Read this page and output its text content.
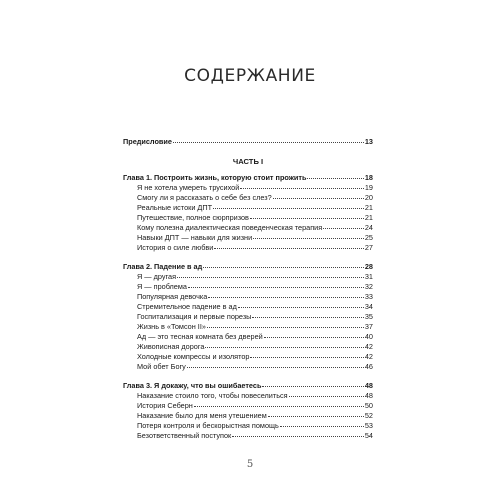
СОДЕРЖАНИЕ
Предисловие	13
ЧАСТЬ I
Глава 1. Построить жизнь, которую стоит прожить	18
Я не хотела умереть трусихой	19
Смогу ли я рассказать о себе без слез?	20
Реальные истоки ДПТ	21
Путешествие, полное сюрпризов	21
Кому полезна диалектическая поведенческая терапия	24
Навыки ДПТ — навыки для жизни	25
История о силе любви	27
Глава 2. Падение в ад	28
Я — другая	31
Я — проблема	32
Популярная девочка	33
Стремительное падение в ад	34
Госпитализация и первые порезы	35
Жизнь в «Томсон II»	37
Ад — это тесная комната без дверей	40
Живописная дорога	42
Холодные компрессы и изолятор	42
Мой обет Богу	46
Глава 3. Я докажу, что вы ошибаетесь	48
Наказание стоило того, чтобы повеселиться	48
История Себерн	50
Наказание было для меня утешением	52
Потеря контроля и бескорыстная помощь	53
Безответственный поступок	54
5
